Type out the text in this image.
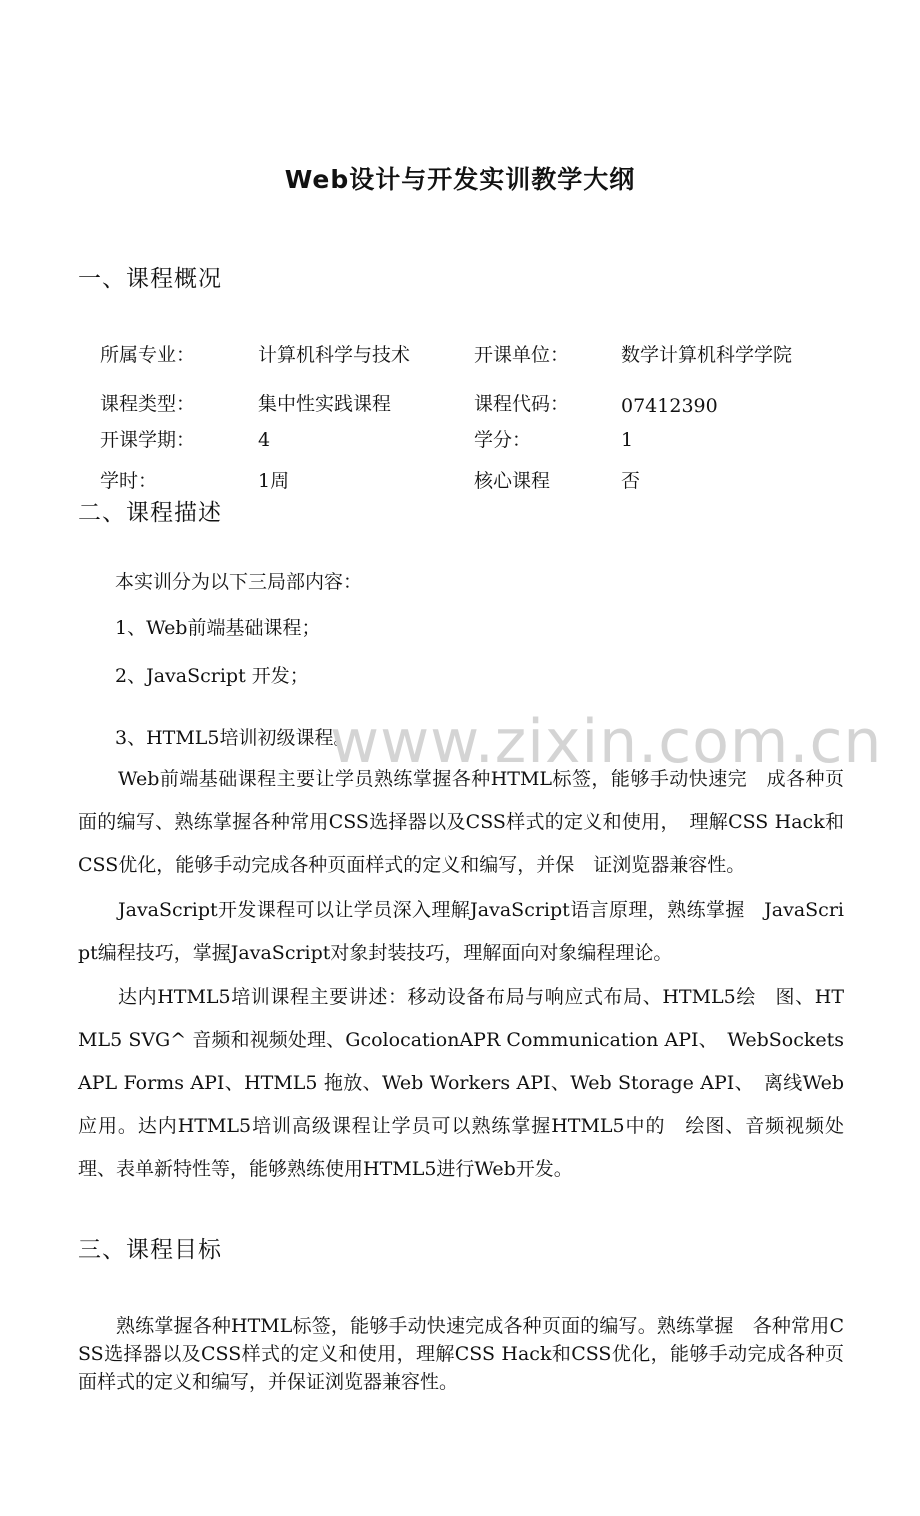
Web设计与开发实训教学大纲
一、课程概况
所属专业：	计算机科学与技术	开课单位：	数学计算机科学学院
课程类型：	集中性实践课程	课程代码：	07412390
开课学期：	4	学分：	1
学时：	1周	核心课程	否
二、课程描述
本实训分为以下三局部内容：
1、Web前端基础课程；
2、JavaScript 开发；
3、HTML5培训初级课程。
www.zixin.com.cn
Web前端基础课程主要让学员熟练掌握各种HTML标签，能够手动快速完　成各种页面的编写、熟练掌握各种常用CSS选择器以及CSS样式的定义和使用，　理解CSS Hack和CSS优化，能够手动完成各种页面样式的定义和编写，并保　证浏览器兼容性。
JavaScript开发课程可以让学员深入理解JavaScript语言原理，熟练掌握　JavaScript编程技巧，掌握JavaScript对象封装技巧，理解面向对象编程理论。
达内HTML5培训课程主要讲述：移动设备布局与响应式布局、HTML5绘　图、HTML5 SVG^ 音频和视频处理、GcolocationAPR Communication API、　WebSockets APL Forms API、HTML5 拖放、Web Workers API、Web Storage API、　离线Web应用。达内HTML5培训高级课程让学员可以熟练掌握HTML5中的　绘图、音频视频处理、表单新特性等，能够熟练使用HTML5进行Web开发。
三、课程目标
熟练掌握各种HTML标签，能够手动快速完成各种页面的编写。熟练掌握　各种常用CSS选择器以及CSS样式的定义和使用，理解CSS Hack和CSS优化，能够手动完成各种页面样式的定义和编写，并保证浏览器兼容性。
